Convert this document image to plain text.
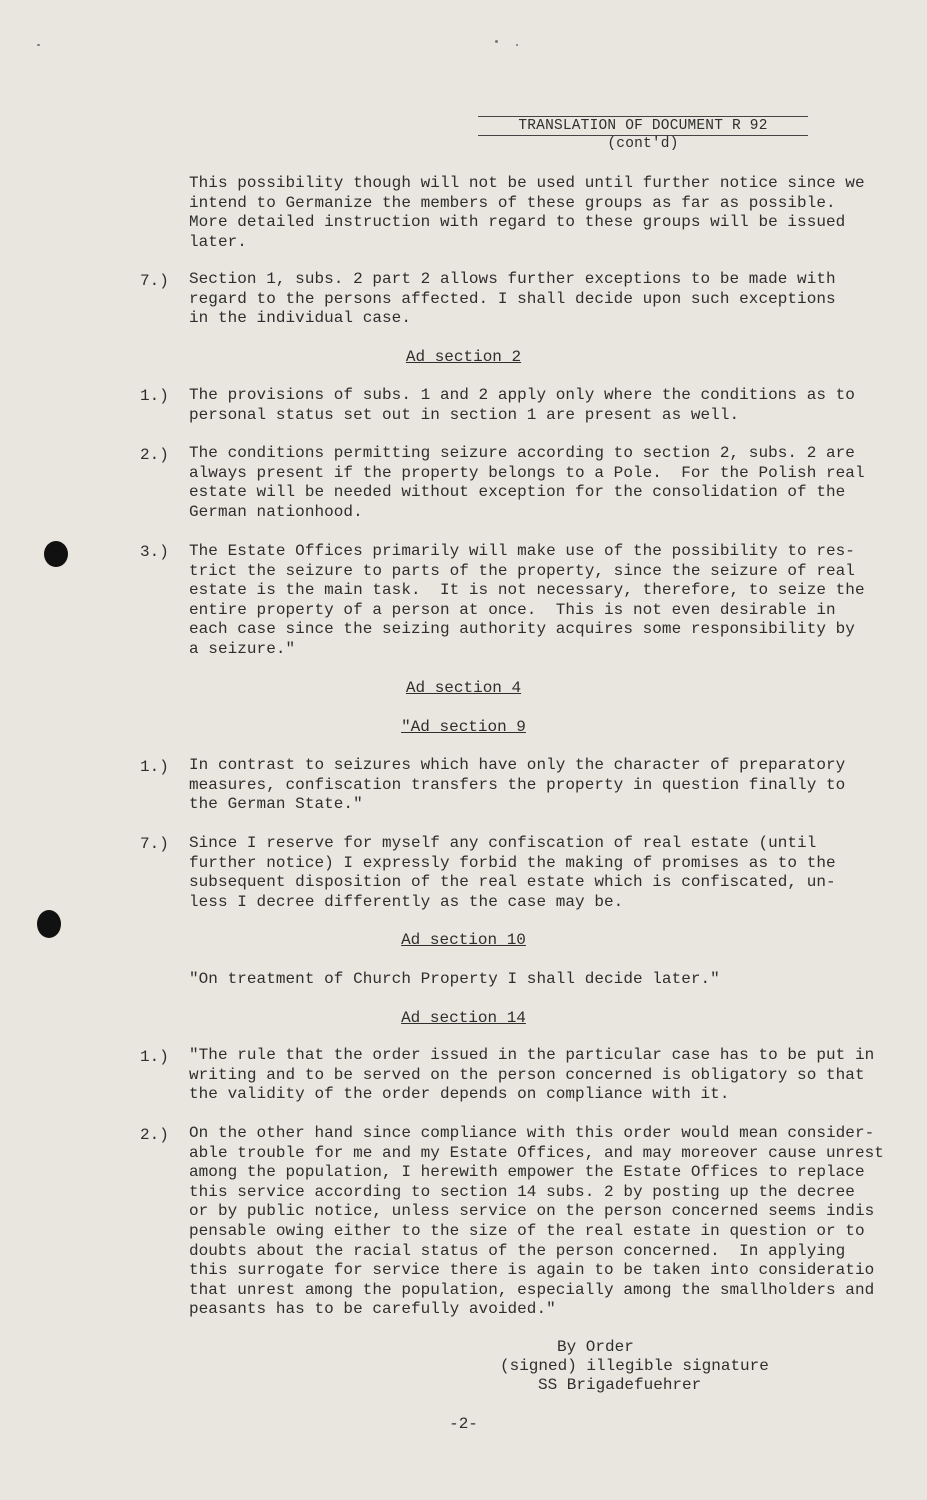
TRANSLATION OF DOCUMENT R 92
(cont'd)
This possibility though will not be used until further notice since we
intend to Germanize the members of these groups as far as possible.
More detailed instruction with regard to these groups will be issued
later.
7.) Section 1, subs. 2 part 2 allows further exceptions to be made with
regard to the persons affected. I shall decide upon such exceptions
in the individual case.
Ad section 2
1.) The provisions of subs. 1 and 2 apply only where the conditions as to
personal status set out in section 1 are present as well.
2.) The conditions permitting seizure according to section 2, subs. 2 are
always present if the property belongs to a Pole.  For the Polish real
estate will be needed without exception for the consolidation of the
German nationhood.
3.) The Estate Offices primarily will make use of the possibility to res-
trict the seizure to parts of the property, since the seizure of real
estate is the main task.  It is not necessary, therefore, to seize the
entire property of a person at once.  This is not even desirable in
each case since the seizing authority acquires some responsibility by
a seizure."
Ad section 4
"Ad section 9
1.) In contrast to seizures which have only the character of preparatory
measures, confiscation transfers the property in question finally to
the German State."
7.) Since I reserve for myself any confiscation of real estate (until
further notice) I expressly forbid the making of promises as to the
subsequent disposition of the real estate which is confiscated, un-
less I decree differently as the case may be.
Ad section 10
"On treatment of Church Property I shall decide later."
Ad section 14
1.) "The rule that the order issued in the particular case has to be put in
writing and to be served on the person concerned is obligatory so that
the validity of the order depends on compliance with it.
2.) On the other hand since compliance with this order would mean consider-
able trouble for me and my Estate Offices, and may moreover cause unrest
among the population, I herewith empower the Estate Offices to replace
this service according to section 14 subs. 2 by posting up the decree
or by public notice, unless service on the person concerned seems indis
pensable owing either to the size of the real estate in question or to
doubts about the racial status of the person concerned.  In applying
this surrogate for service there is again to be taken into consideratio
that unrest among the population, especially among the smallholders and
peasants has to be carefully avoided."
By Order
(signed) illegible signature
SS Brigadefuehrer
-2-
